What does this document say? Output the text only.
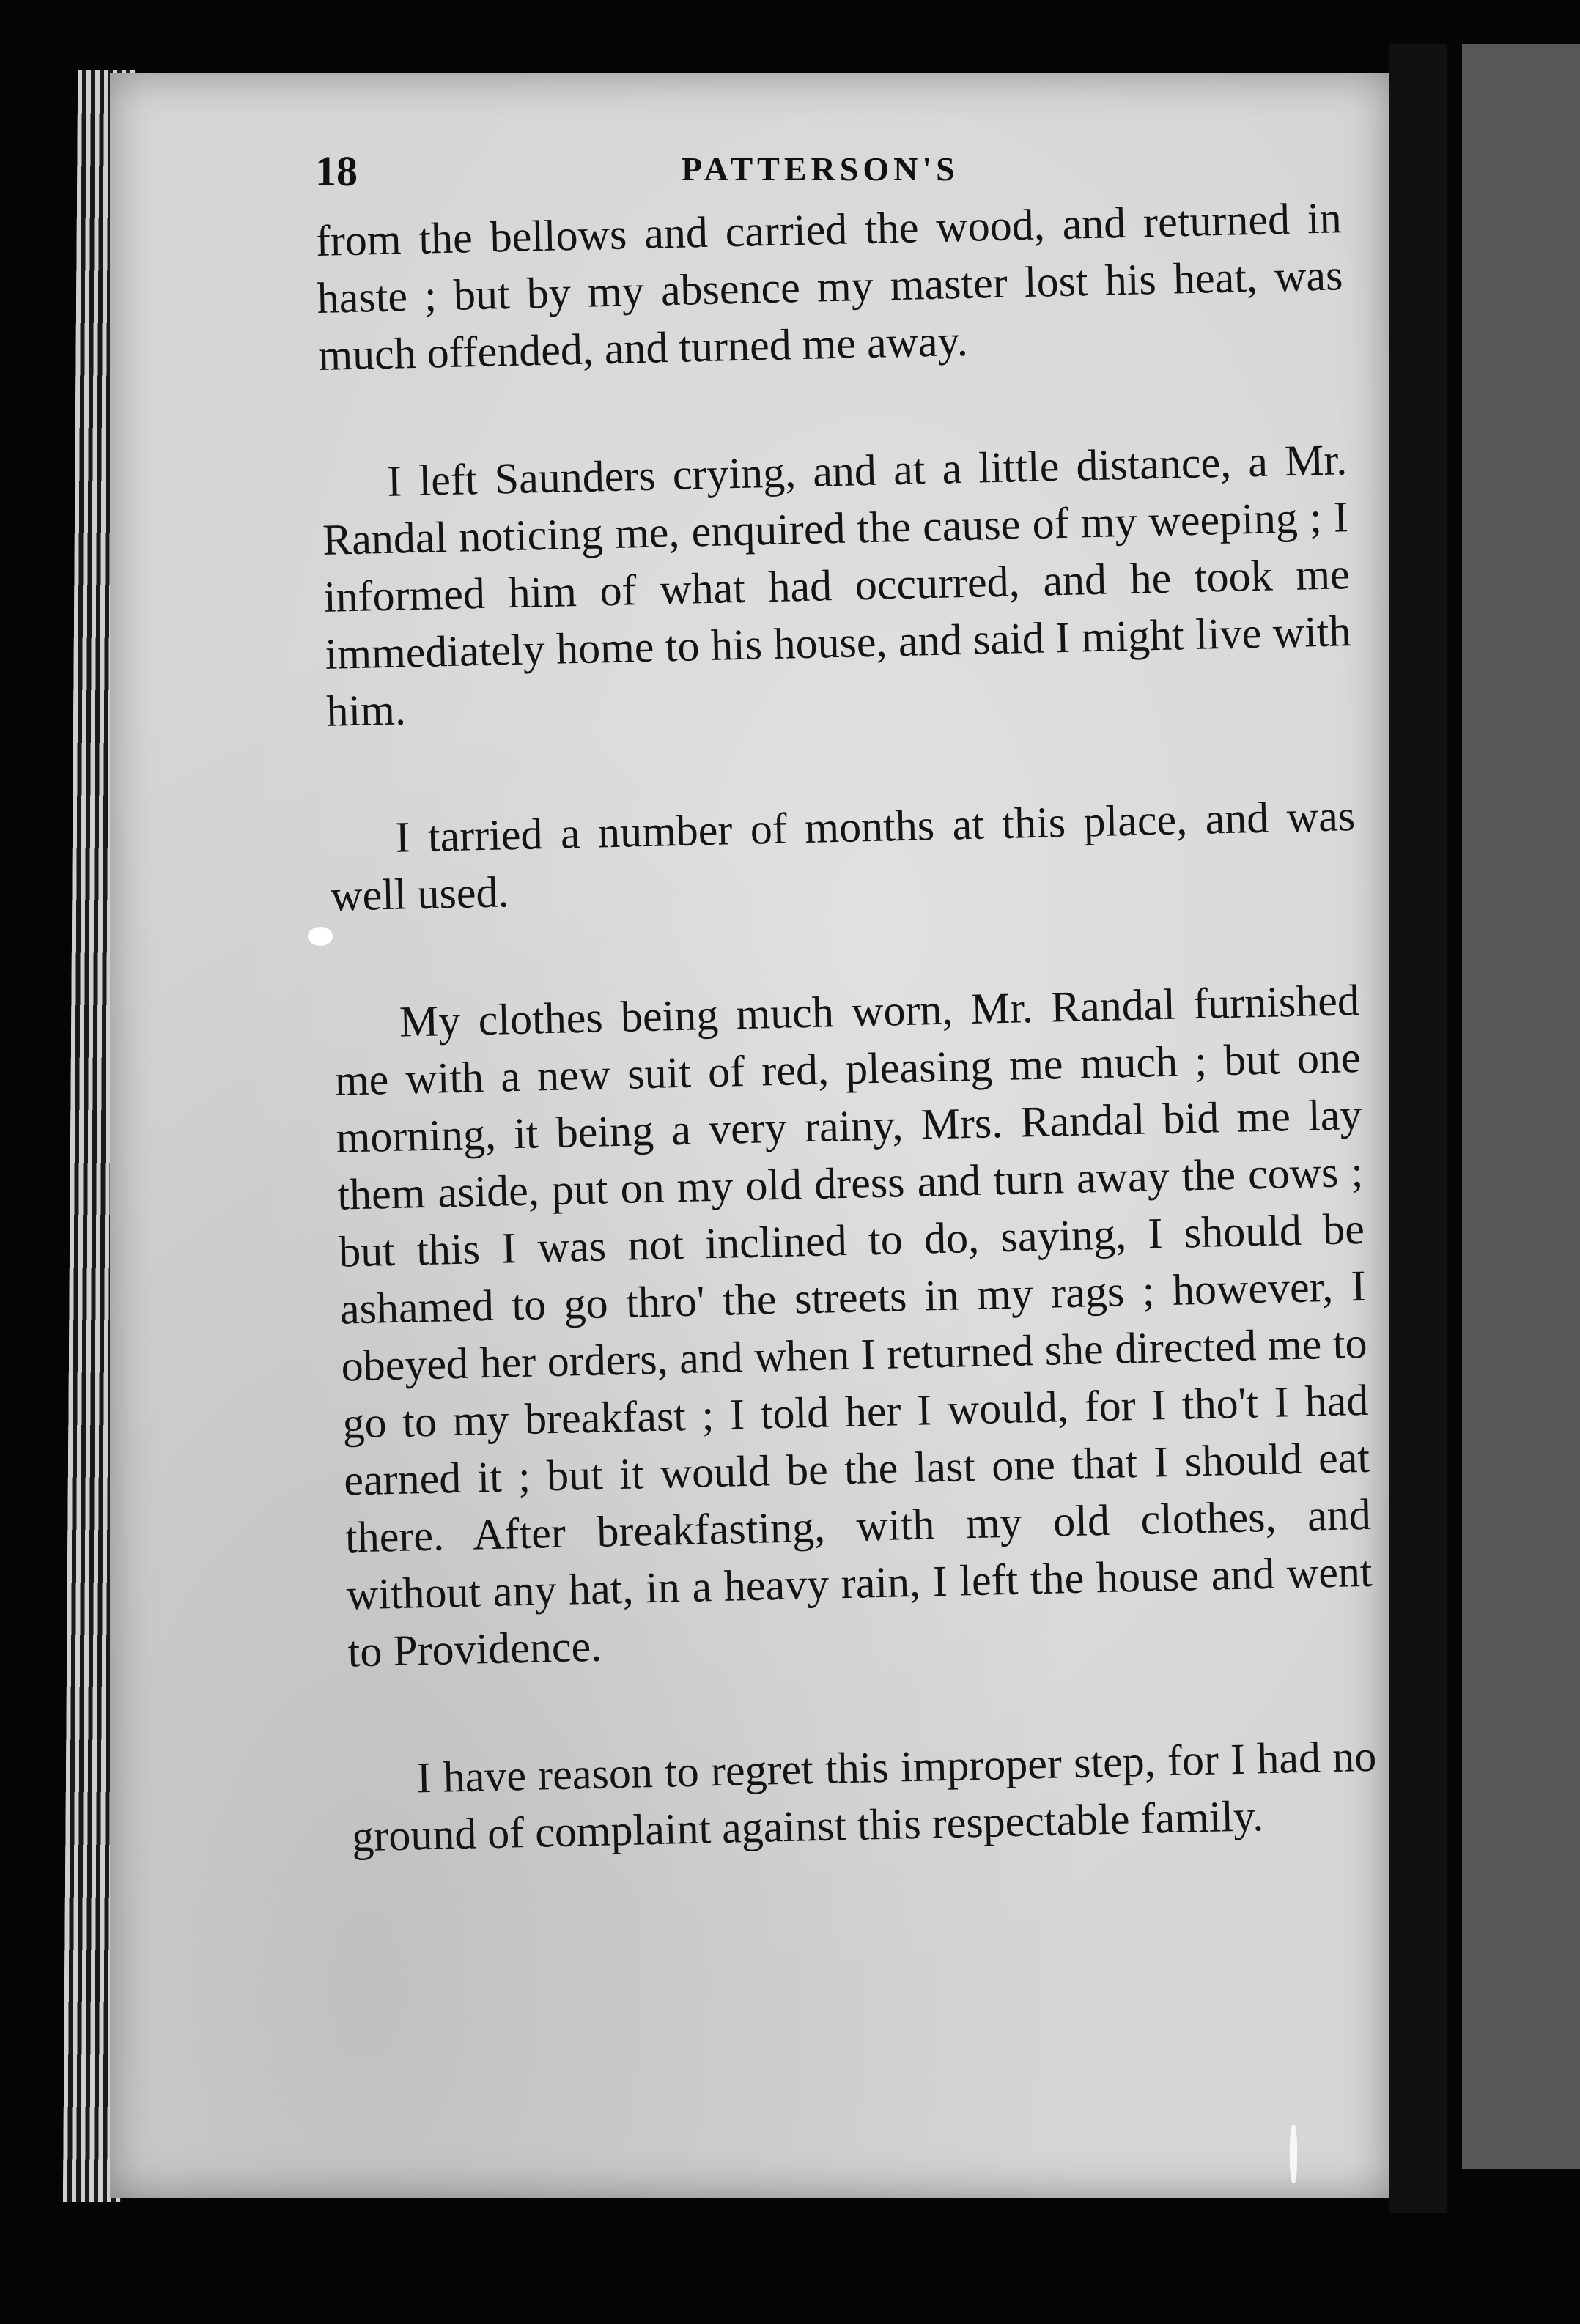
18	PATTERSON'S

from the bellows and carried the wood, and returned in haste ; but by my absence my master lost his heat, was much offended, and turned me away.

I left Saunders crying, and at a little distance, a Mr. Randal noticing me, enquired the cause of my weeping ; I informed him of what had occurred, and he took me immediately home to his house, and said I might live with him.

I tarried a number of months at this place, and was well used.

My clothes being much worn, Mr. Randal furnished me with a new suit of red, pleasing me much ; but one morning, it being a very rainy, Mrs. Randal bid me lay them aside, put on my old dress and turn away the cows ; but this I was not inclined to do, saying, I should be ashamed to go thro' the streets in my rags ; however, I obeyed her orders, and when I returned she directed me to go to my breakfast ; I told her I would, for I tho't I had earned it ; but it would be the last one that I should eat there. After breakfasting, with my old clothes, and without any hat, in a heavy rain, I left the house and went to Providence.

I have reason to regret this improper step, for I had no ground of complaint against this respectable family.
